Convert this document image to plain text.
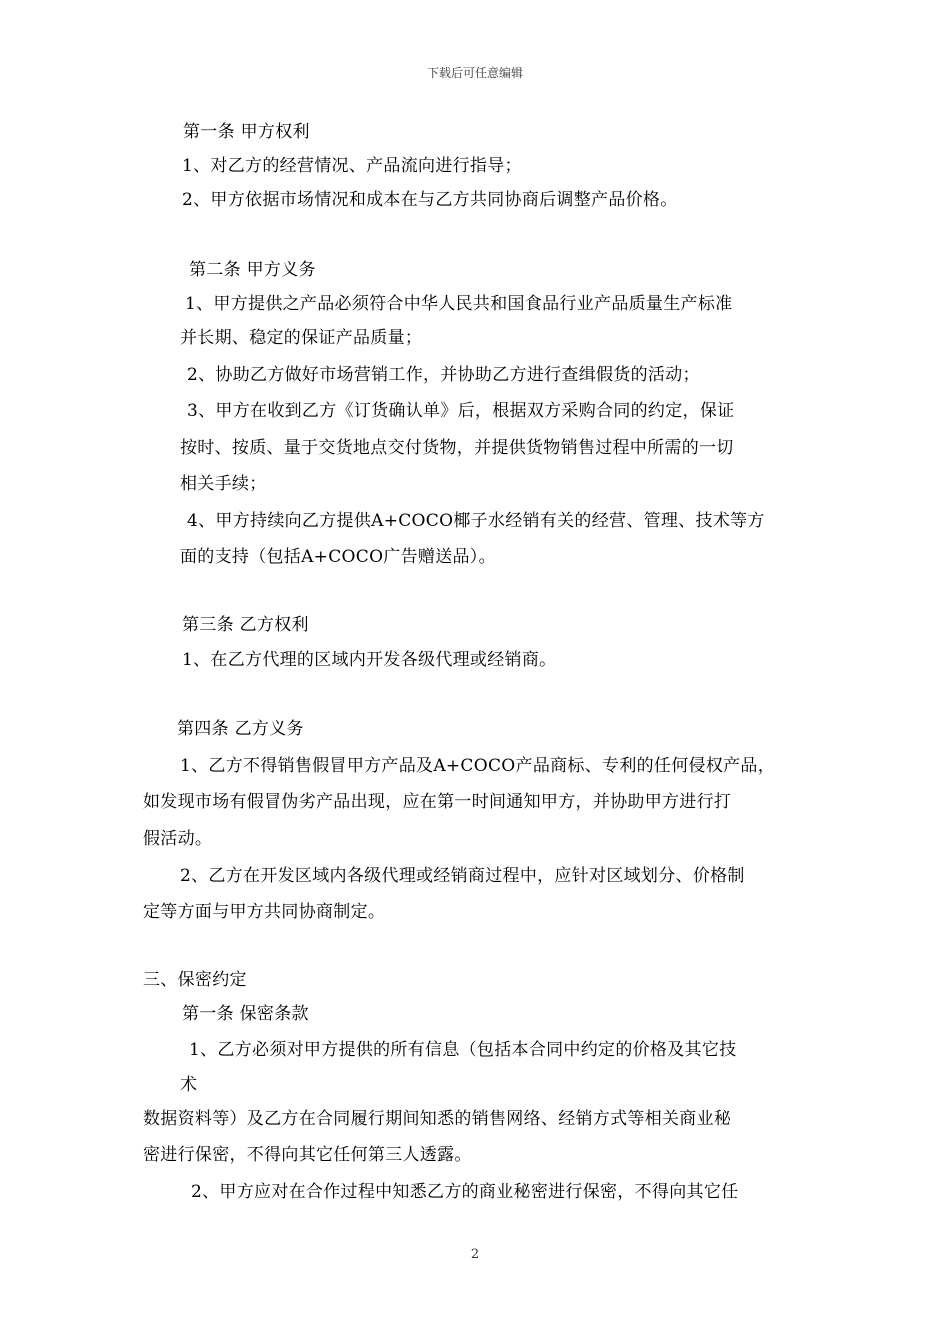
下载后可任意编辑
第一条 甲方权利
1、对乙方的经营情况、产品流向进行指导；
2、甲方依据市场情况和成本在与乙方共同协商后调整产品价格。
第二条 甲方义务
1、甲方提供之产品必须符合中华人民共和国食品行业产品质量生产标准
并长期、稳定的保证产品质量；
2、协助乙方做好市场营销工作，并协助乙方进行查缉假货的活动；
3、甲方在收到乙方《订货确认单》后，根据双方采购合同的约定，保证
按时、按质、量于交货地点交付货物，并提供货物销售过程中所需的一切
相关手续；
4、甲方持续向乙方提供A+COCO椰子水经销有关的经营、管理、技术等方
面的支持（包括A+COCO广告赠送品）。
第三条 乙方权利
1、在乙方代理的区域内开发各级代理或经销商。
第四条 乙方义务
1、乙方不得销售假冒甲方产品及A+COCO产品商标、专利的任何侵权产品，
如发现市场有假冒伪劣产品出现，应在第一时间通知甲方，并协助甲方进行打
假活动。
2、乙方在开发区域内各级代理或经销商过程中，应针对区域划分、价格制
定等方面与甲方共同协商制定。
三、保密约定
第一条 保密条款
1、乙方必须对甲方提供的所有信息（包括本合同中约定的价格及其它技
术
数据资料等）及乙方在合同履行期间知悉的销售网络、经销方式等相关商业秘
密进行保密，不得向其它任何第三人透露。
2、甲方应对在合作过程中知悉乙方的商业秘密进行保密，不得向其它任
2
